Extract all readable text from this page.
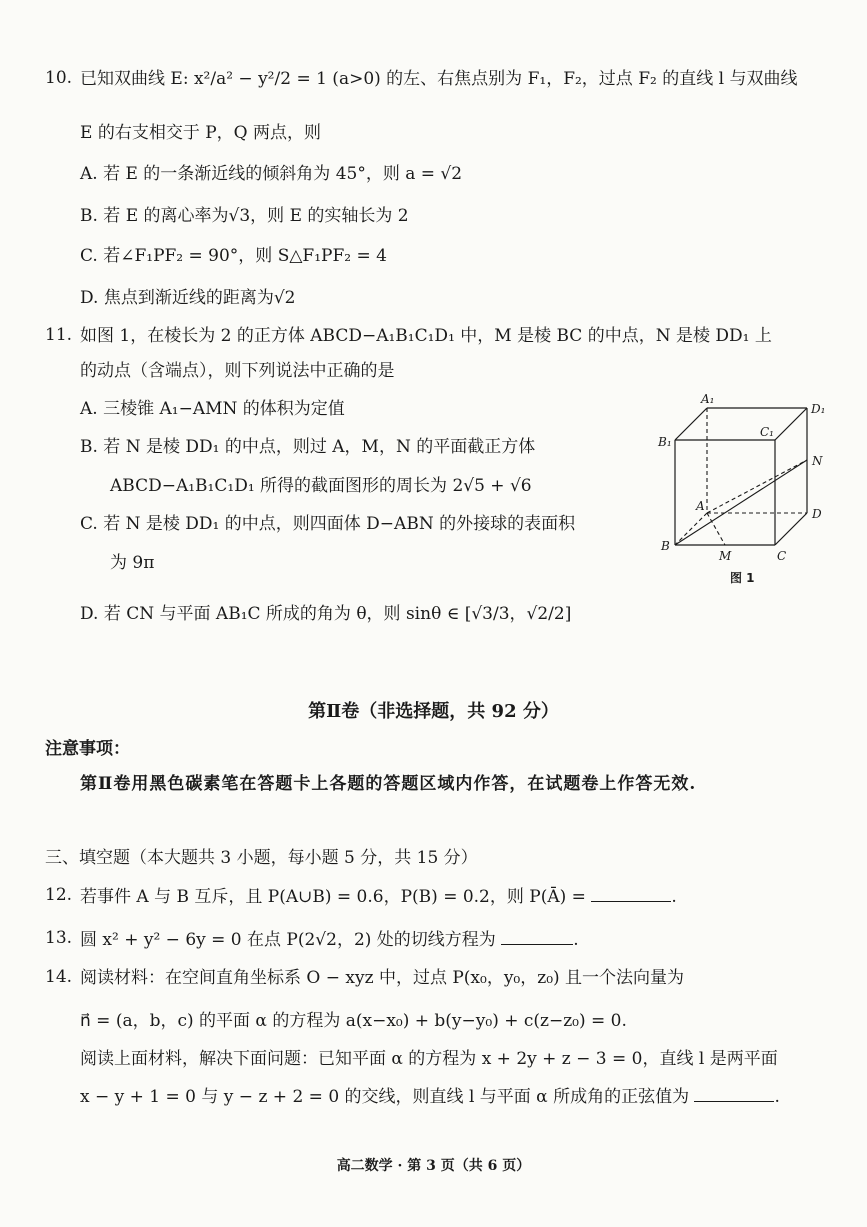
10. 已知双曲线 E: x²/a² − y²/2 = 1 (a>0) 的左、右焦点别为 F₁，F₂，过点 F₂ 的直线 l 与双曲线
E 的右支相交于 P，Q 两点，则
A. 若 E 的一条渐近线的倾斜角为 45°，则 a = √2
B. 若 E 的离心率为√3，则 E 的实轴长为 2
C. 若∠F₁PF₂ = 90°，则 S△F₁PF₂ = 4
D. 焦点到渐近线的距离为√2
11. 如图 1，在棱长为 2 的正方体 ABCD−A₁B₁C₁D₁ 中，M 是棱 BC 的中点，N 是棱 DD₁ 上
的动点（含端点），则下列说法中正确的是
A. 三棱锥 A₁−AMN 的体积为定值
B. 若 N 是棱 DD₁ 的中点，则过 A，M，N 的平面截正方体
ABCD−A₁B₁C₁D₁ 所得的截面图形的周长为 2√5 + √6
C. 若 N 是棱 DD₁ 的中点，则四面体 D−ABN 的外接球的表面积
为 9π
D. 若 CN 与平面 AB₁C 所成的角为 θ，则 sinθ ∈ [√3/3，√2/2]
A₁
D₁
B₁
C₁
N
A
D
B
M	C
图 1
第Ⅱ卷（非选择题，共 92 分）
注意事项：
第Ⅱ卷用黑色碳素笔在答题卡上各题的答题区域内作答，在试题卷上作答无效.
三、填空题（本大题共 3 小题，每小题 5 分，共 15 分）
12. 若事件 A 与 B 互斥，且 P(A∪B) = 0.6，P(B) = 0.2，则 P(Ā) =	.
13. 圆 x² + y² − 6y = 0 在点 P(2√2，2) 处的切线方程为	.
14. 阅读材料：在空间直角坐标系 O − xyz 中，过点 P(x₀，y₀，z₀) 且一个法向量为
n⃗ = (a，b，c) 的平面 α 的方程为 a(x−x₀) + b(y−y₀) + c(z−z₀) = 0.
阅读上面材料，解决下面问题：已知平面 α 的方程为 x + 2y + z − 3 = 0，直线 l 是两平面
x − y + 1 = 0 与 y − z + 2 = 0 的交线，则直线 l 与平面 α 所成角的正弦值为	.
高二数学 · 第 3 页（共 6 页）
